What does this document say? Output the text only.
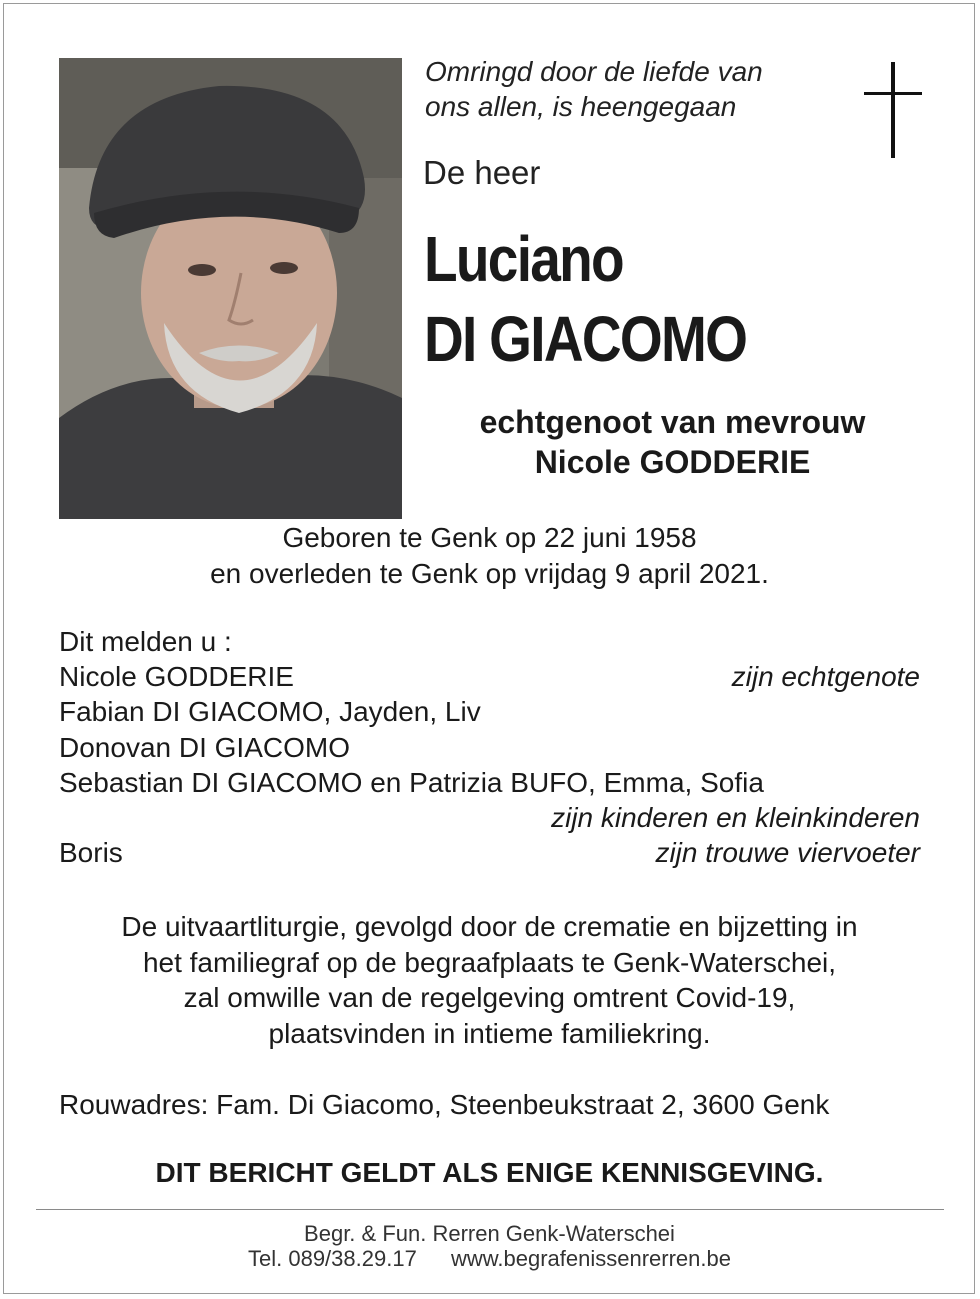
Omringd door de liefde van
ons allen, is heengegaan
De heer
Luciano
DI GIACOMO
echtgenoot van mevrouw
Nicole GODDERIE
Geboren te Genk op 22 juni 1958
en overleden te Genk op vrijdag 9 april 2021.
Dit melden u :
Nicole GODDERIE	zijn echtgenote
Fabian DI GIACOMO, Jayden, Liv
Donovan DI GIACOMO
Sebastian DI GIACOMO en Patrizia BUFO, Emma, Sofia
zijn kinderen en kleinkinderen
Boris	zijn trouwe viervoeter
De uitvaartliturgie, gevolgd door de crematie en bijzetting in
het familiegraf op de begraafplaats te Genk-Waterschei,
zal omwille van de regelgeving omtrent Covid-19,
plaatsvinden in intieme familiekring.
Rouwadres: Fam. Di Giacomo, Steenbeukstraat 2, 3600 Genk
DIT BERICHT GELDT ALS ENIGE KENNISGEVING.
Begr. & Fun. Rerren Genk-Waterschei
Tel. 089/38.29.17 www.begrafenissenrerren.be
